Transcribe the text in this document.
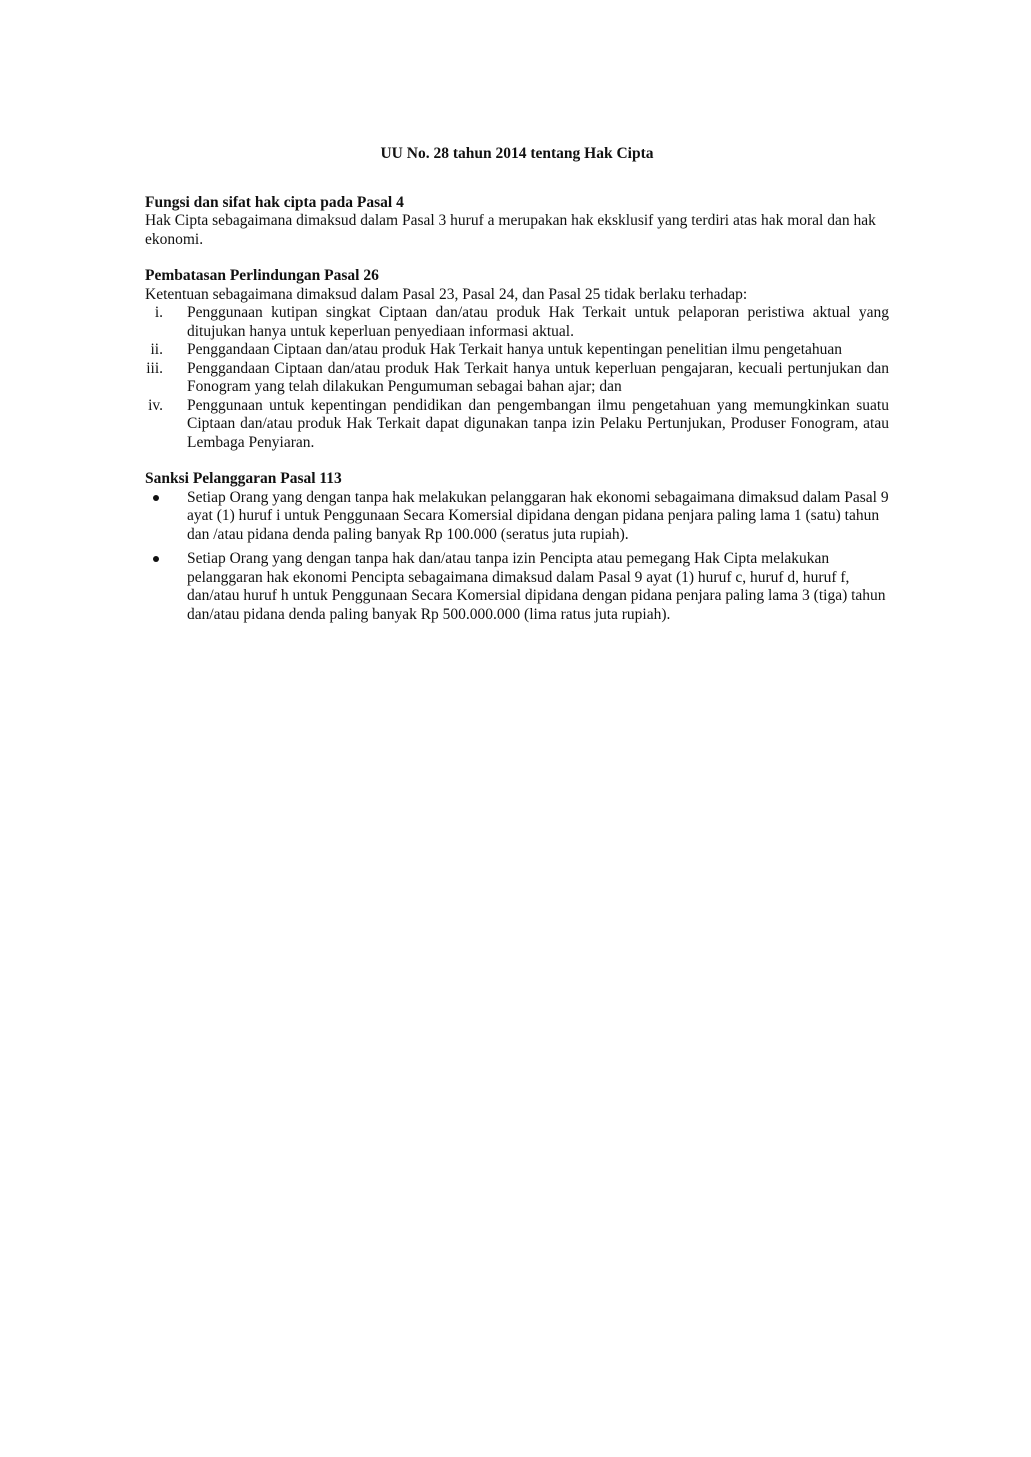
UU No. 28 tahun 2014 tentang Hak Cipta

Fungsi dan sifat hak cipta pada Pasal 4

Hak Cipta sebagaimana dimaksud dalam Pasal 3 huruf a merupakan hak eksklusif yang terdiri atas hak moral dan hak ekonomi.

Pembatasan Perlindungan Pasal 26

Ketentuan sebagaimana dimaksud dalam Pasal 23, Pasal 24, dan Pasal 25 tidak berlaku terhadap:

i. Penggunaan kutipan singkat Ciptaan dan/atau produk Hak Terkait untuk pelaporan peristiwa aktual yang ditujukan hanya untuk keperluan penyediaan informasi aktual.
ii. Penggandaan Ciptaan dan/atau produk Hak Terkait hanya untuk kepentingan penelitian ilmu pengetahuan
iii. Penggandaan Ciptaan dan/atau produk Hak Terkait hanya untuk keperluan pengajaran, kecuali pertunjukan dan Fonogram yang telah dilakukan Pengumuman sebagai bahan ajar; dan
iv. Penggunaan untuk kepentingan pendidikan dan pengembangan ilmu pengetahuan yang memungkinkan suatu Ciptaan dan/atau produk Hak Terkait dapat digunakan tanpa izin Pelaku Pertunjukan, Produser Fonogram, atau Lembaga Penyiaran.

Sanksi Pelanggaran Pasal 113

Setiap Orang yang dengan tanpa hak melakukan pelanggaran hak ekonomi sebagaimana dimaksud dalam Pasal 9 ayat (1) huruf i untuk Penggunaan Secara Komersial dipidana dengan pidana penjara paling lama 1 (satu) tahun dan /atau pidana denda paling banyak Rp 100.000 (seratus juta rupiah).
Setiap Orang yang dengan tanpa hak dan/atau tanpa izin Pencipta atau pemegang Hak Cipta melakukan pelanggaran hak ekonomi Pencipta sebagaimana dimaksud dalam Pasal 9 ayat (1) huruf c, huruf d, huruf f, dan/atau huruf h untuk Penggunaan Secara Komersial dipidana dengan pidana penjara paling lama 3 (tiga) tahun dan/atau pidana denda paling banyak Rp 500.000.000 (lima ratus juta rupiah).
